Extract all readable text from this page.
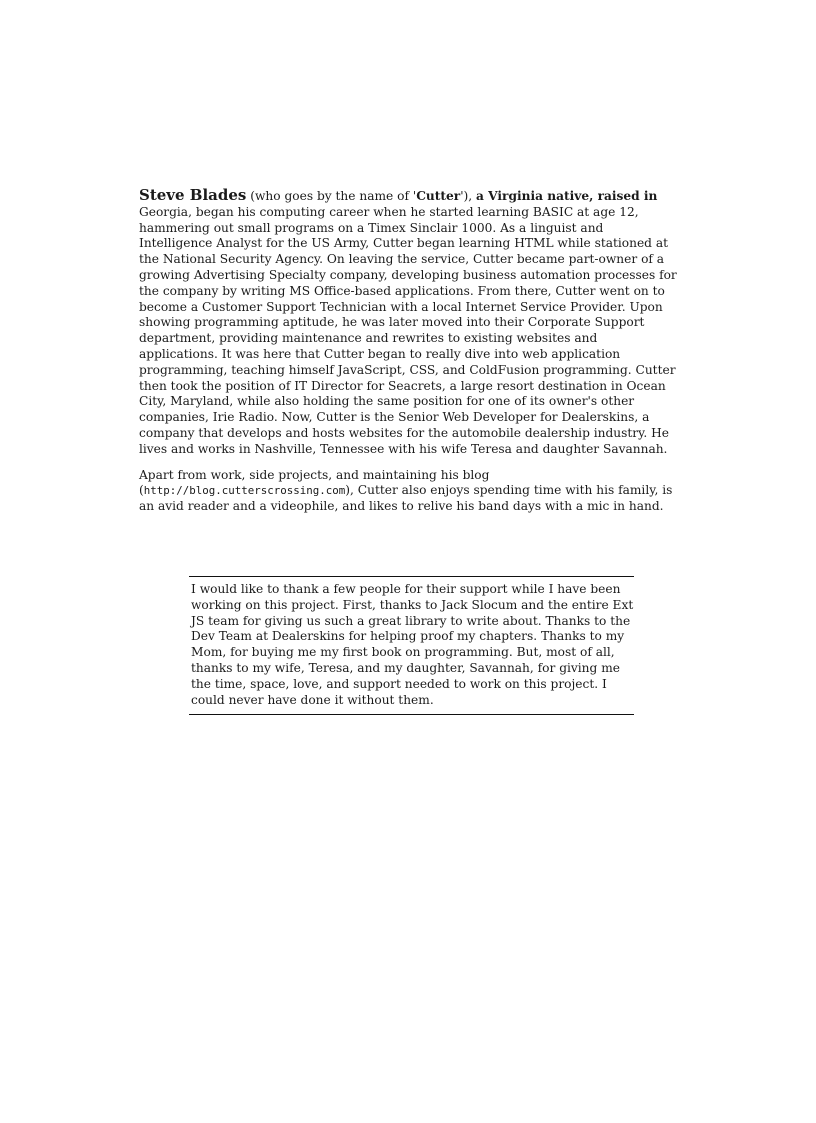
Steve Blades (who goes by the name of 'Cutter'), a Virginia native, raised in Georgia, began his computing career when he started learning BASIC at age 12, hammering out small programs on a Timex Sinclair 1000. As a linguist and Intelligence Analyst for the US Army, Cutter began learning HTML while stationed at the National Security Agency. On leaving the service, Cutter became part-owner of a growing Advertising Specialty company, developing business automation processes for the company by writing MS Office-based applications. From there, Cutter went on to become a Customer Support Technician with a local Internet Service Provider. Upon showing programming aptitude, he was later moved into their Corporate Support department, providing maintenance and rewrites to existing websites and applications. It was here that Cutter began to really dive into web application programming, teaching himself JavaScript, CSS, and ColdFusion programming. Cutter then took the position of IT Director for Seacrets, a large resort destination in Ocean City, Maryland, while also holding the same position for one of its owner's other companies, Irie Radio. Now, Cutter is the Senior Web Developer for Dealerskins, a company that develops and hosts websites for the automobile dealership industry. He lives and works in Nashville, Tennessee with his wife Teresa and daughter Savannah.

Apart from work, side projects, and maintaining his blog (http://blog.cutterscrossing.com), Cutter also enjoys spending time with his family, is an avid reader and a videophile, and likes to relive his band days with a mic in hand.

I would like to thank a few people for their support while I have been working on this project. First, thanks to Jack Slocum and the entire Ext JS team for giving us such a great library to write about. Thanks to the Dev Team at Dealerskins for helping proof my chapters. Thanks to my Mom, for buying me my first book on programming. But, most of all, thanks to my wife, Teresa, and my daughter, Savannah, for giving me the time, space, love, and support needed to work on this project. I could never have done it without them.
